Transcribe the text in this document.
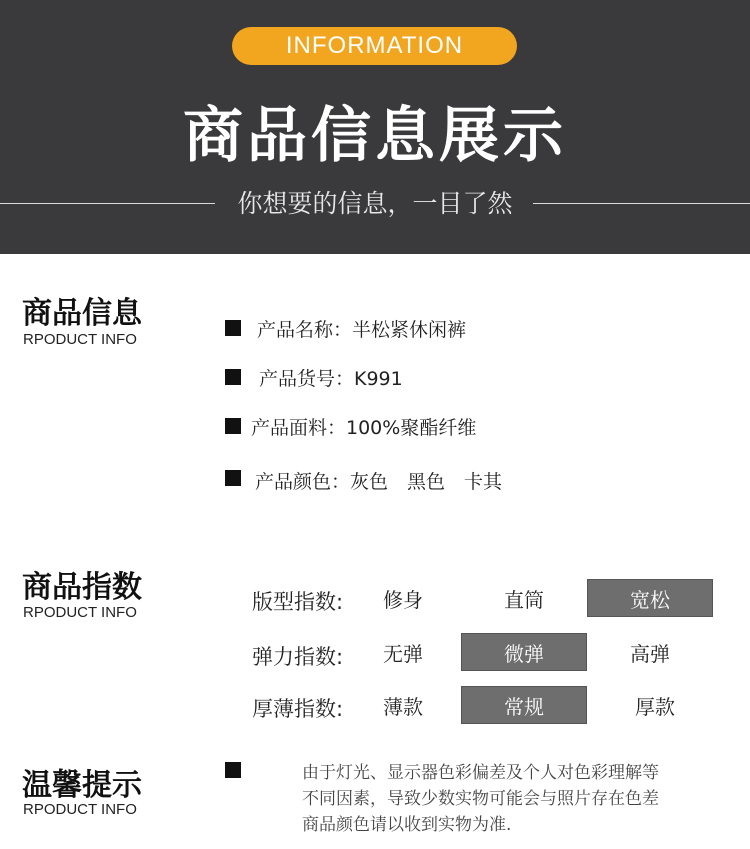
INFORMATION
商品信息展示
你想要的信息，一目了然
商品信息
RPODUCT INFO	产品名称：半松紧休闲裤
产品货号：K991
产品面料：100%聚酯纤维
产品颜色：灰色　黑色　卡其
商品指数
RPODUCT INFO	版型指数:	修身	直筒	宽松
弹力指数:	无弹	微弹	高弹
厚薄指数:	薄款	常规	厚款
温馨提示
RPODUCT INFO
由于灯光、显示器色彩偏差及个人对色彩理解等
不同因素，导致少数实物可能会与照片存在色差
商品颜色请以收到实物为准.
